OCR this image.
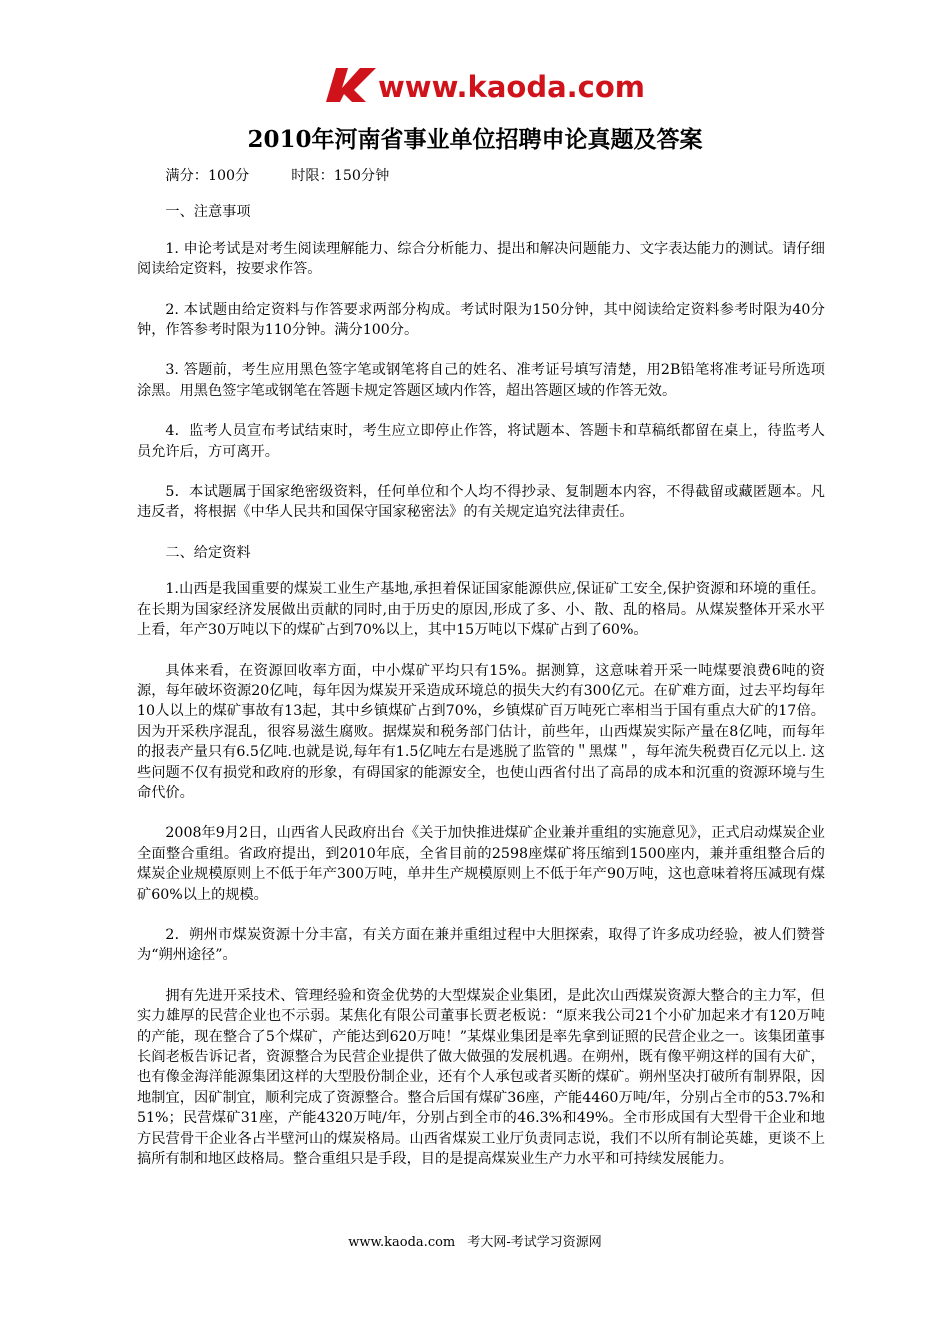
www.kaoda.com
2010年河南省事业单位招聘申论真题及答案
满分：100分	时限：150分钟
一、注意事项

1. 申论考试是对考生阅读理解能力、综合分析能力、提出和解决问题能力、文字表达能力的测试。请仔细阅读给定资料，按要求作答。

2. 本试题由给定资料与作答要求两部分构成。考试时限为150分钟，其中阅读给定资料参考时限为40分钟，作答参考时限为110分钟。满分100分。

3. 答题前，考生应用黑色签字笔或钢笔将自己的姓名、准考证号填写清楚，用2B铅笔将准考证号所选项涂黑。用黑色签字笔或钢笔在答题卡规定答题区域内作答，超出答题区域的作答无效。

4．监考人员宣布考试结束时，考生应立即停止作答，将试题本、答题卡和草稿纸都留在桌上，待监考人员允许后，方可离开。

5．本试题属于国家绝密级资料，任何单位和个人均不得抄录、复制题本内容，不得截留或藏匿题本。凡违反者，将根据《中华人民共和国保守国家秘密法》的有关规定追究法律责任。

二、给定资料

1.山西是我国重要的煤炭工业生产基地,承担着保证国家能源供应,保证矿工安全,保护资源和环境的重任。在长期为国家经济发展做出贡献的同时,由于历史的原因,形成了多、小、散、乱的格局。从煤炭整体开采水平上看，年产30万吨以下的煤矿占到70%以上，其中15万吨以下煤矿占到了60%。

具体来看，在资源回收率方面，中小煤矿平均只有15%。据测算，这意味着开采一吨煤要浪费6吨的资源，每年破坏资源20亿吨，每年因为煤炭开采造成环境总的损失大约有300亿元。在矿难方面，过去平均每年10人以上的煤矿事故有13起，其中乡镇煤矿占到70%，乡镇煤矿百万吨死亡率相当于国有重点大矿的17倍。因为开采秩序混乱，很容易滋生腐败。据煤炭和税务部门估计，前些年，山西煤炭实际产量在8亿吨，而每年的报表产量只有6.5亿吨.也就是说,每年有1.5亿吨左右是逃脱了监管的＂黑煤＂，每年流失税费百亿元以上. 这些问题不仅有损党和政府的形象，有碍国家的能源安全，也使山西省付出了高昂的成本和沉重的资源环境与生命代价。

2008年9月2日，山西省人民政府出台《关于加快推进煤矿企业兼并重组的实施意见》，正式启动煤炭企业全面整合重组。省政府提出，到2010年底，全省目前的2598座煤矿将压缩到1500座内，兼并重组整合后的煤炭企业规模原则上不低于年产300万吨，单井生产规模原则上不低于年产90万吨，这也意味着将压减现有煤矿60%以上的规模。

2．朔州市煤炭资源十分丰富，有关方面在兼并重组过程中大胆探索，取得了许多成功经验，被人们赞誉为“朔州途径”。

拥有先进开采技术、管理经验和资金优势的大型煤炭企业集团，是此次山西煤炭资源大整合的主力军，但实力雄厚的民营企业也不示弱。某焦化有限公司董事长贾老板说：“原来我公司21个小矿加起来才有120万吨的产能，现在整合了5个煤矿，产能达到620万吨！”某煤业集团是率先拿到证照的民营企业之一。该集团董事长阎老板告诉记者，资源整合为民营企业提供了做大做强的发展机遇。在朔州，既有像平朔这样的国有大矿，也有像金海洋能源集团这样的大型股份制企业，还有个人承包或者买断的煤矿。朔州坚决打破所有制界限，因地制宜，因矿制宜，顺利完成了资源整合。整合后国有煤矿36座，产能4460万吨/年，分别占全市的53.7%和51%；民营煤矿31座，产能4320万吨/年，分别占到全市的46.3%和49%。全市形成国有大型骨干企业和地方民营骨干企业各占半壁河山的煤炭格局。山西省煤炭工业厅负责同志说，我们不以所有制论英雄，更谈不上搞所有制和地区歧格局。整合重组只是手段，目的是提高煤炭业生产力水平和可持续发展能力。

www.kaoda.com 考大网-考试学习资源网
